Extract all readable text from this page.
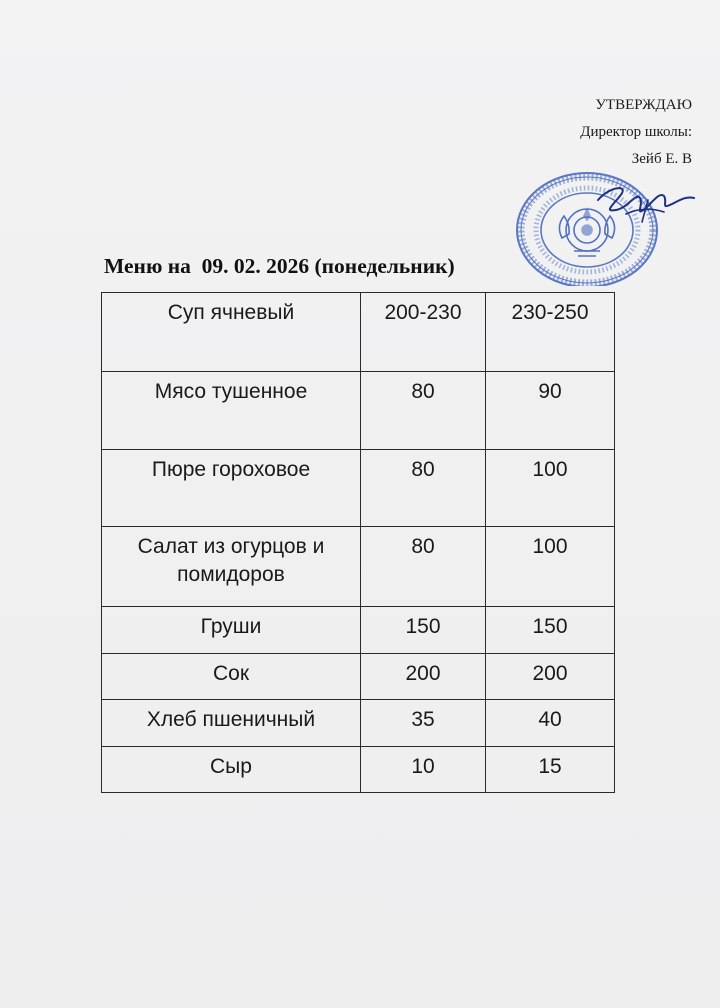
УТВЕРЖДАЮ
Директор школы:
Зейб Е. В
Меню на  09. 02. 2026 (понедельник)
Суп ячневый	200-230	230-250
Мясо тушенное	80	90
Пюре гороховое	80	100
Салат из огурцов и помидоров	80	100
Груши	150	150
Сок	200	200
Хлеб пшеничный	35	40
Сыр	10	15
